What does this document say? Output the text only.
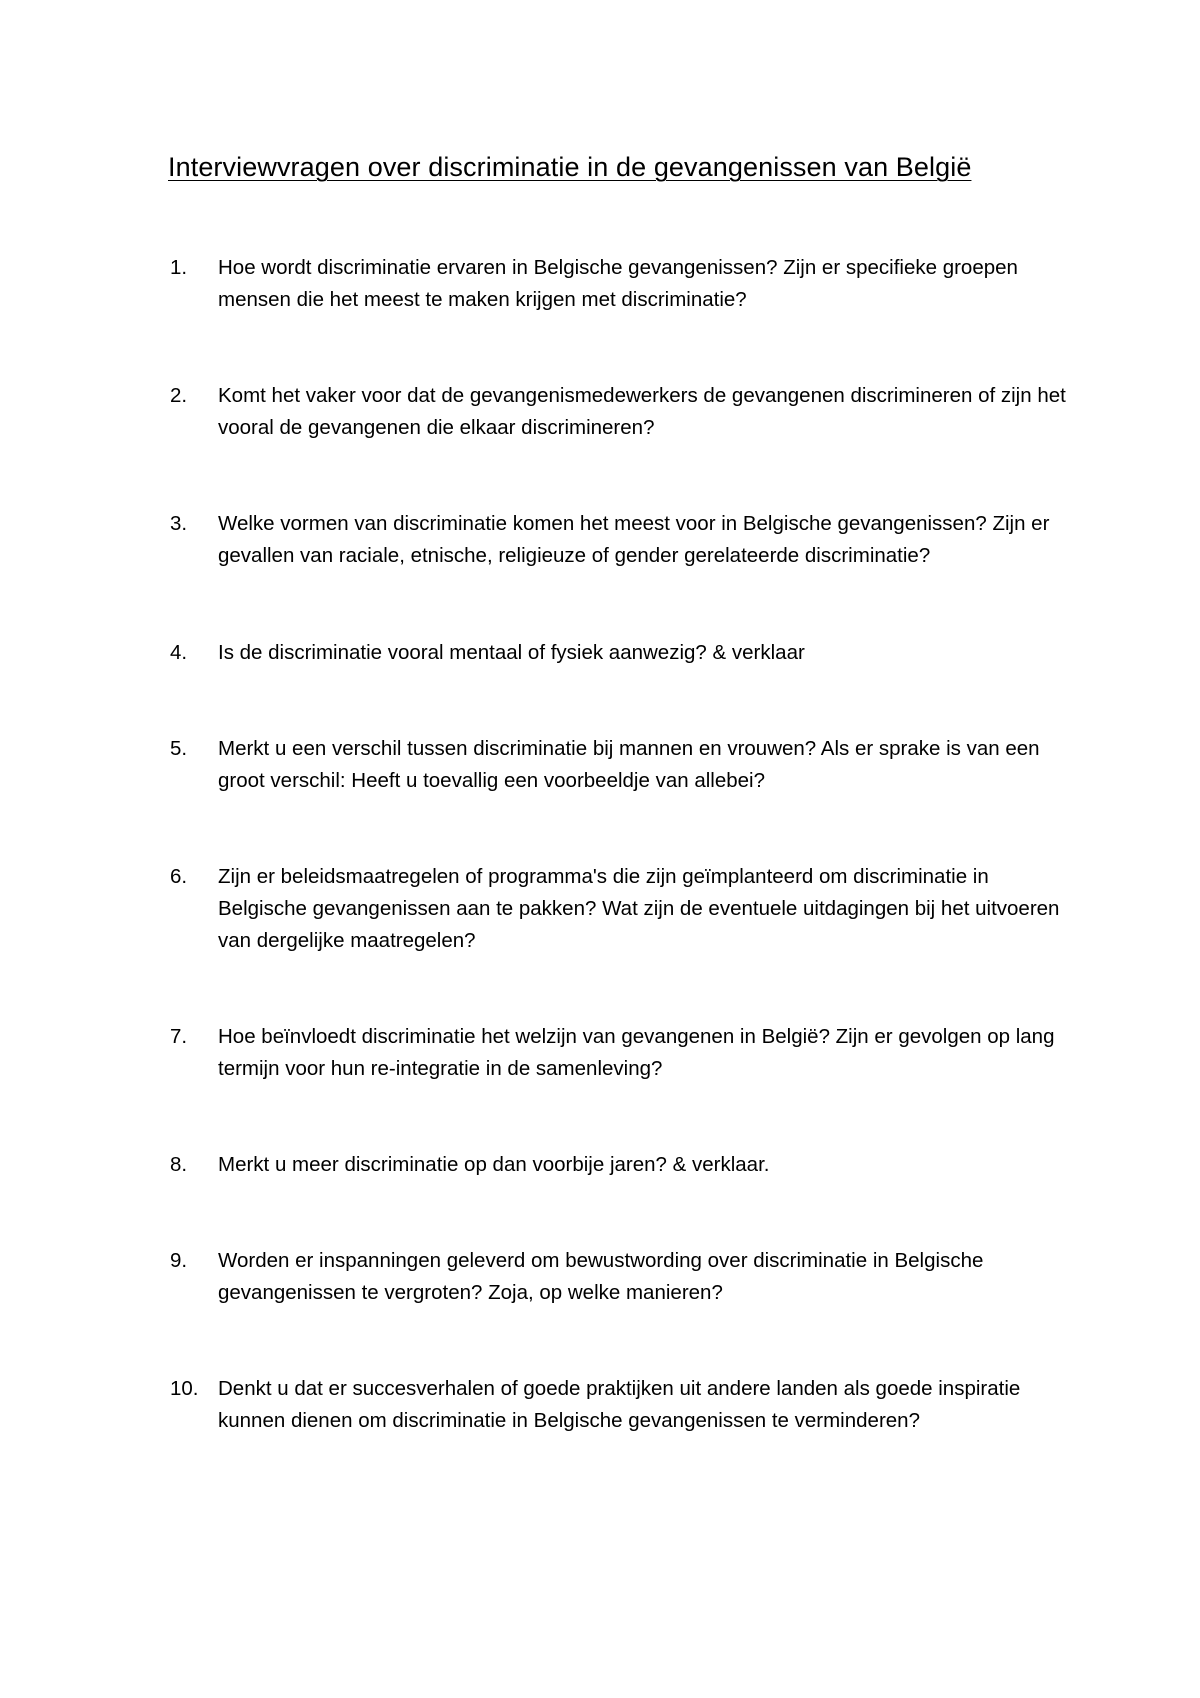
Interviewvragen over discriminatie in de gevangenissen van België
1.	Hoe wordt discriminatie ervaren in Belgische gevangenissen? Zijn er specifieke groepen mensen die het meest te maken krijgen met discriminatie?
2.	Komt het vaker voor dat de gevangenismedewerkers de gevangenen discrimineren of zijn het vooral de gevangenen die elkaar discrimineren?
3.	Welke vormen van discriminatie komen het meest voor in Belgische gevangenissen? Zijn er gevallen van raciale, etnische, religieuze of gender gerelateerde discriminatie?
4.	Is de discriminatie vooral mentaal of fysiek aanwezig? & verklaar
5.	Merkt u een verschil tussen discriminatie bij mannen en vrouwen? Als er sprake is van een groot verschil: Heeft u toevallig een voorbeeldje van allebei?
6.	Zijn er beleidsmaatregelen of programma's die zijn geïmplanteerd om discriminatie in Belgische gevangenissen aan te pakken? Wat zijn de eventuele uitdagingen bij het uitvoeren van dergelijke maatregelen?
7.	Hoe beïnvloedt discriminatie het welzijn van gevangenen in België? Zijn er gevolgen op lang termijn voor hun re-integratie in de samenleving?
8.	Merkt u meer discriminatie op dan voorbije jaren? & verklaar.
9.	Worden er inspanningen geleverd om bewustwording over discriminatie in Belgische gevangenissen te vergroten? Zoja, op welke manieren?
10. Denkt u dat er succesverhalen of goede praktijken uit andere landen als goede inspiratie kunnen dienen om discriminatie in Belgische gevangenissen te verminderen?
